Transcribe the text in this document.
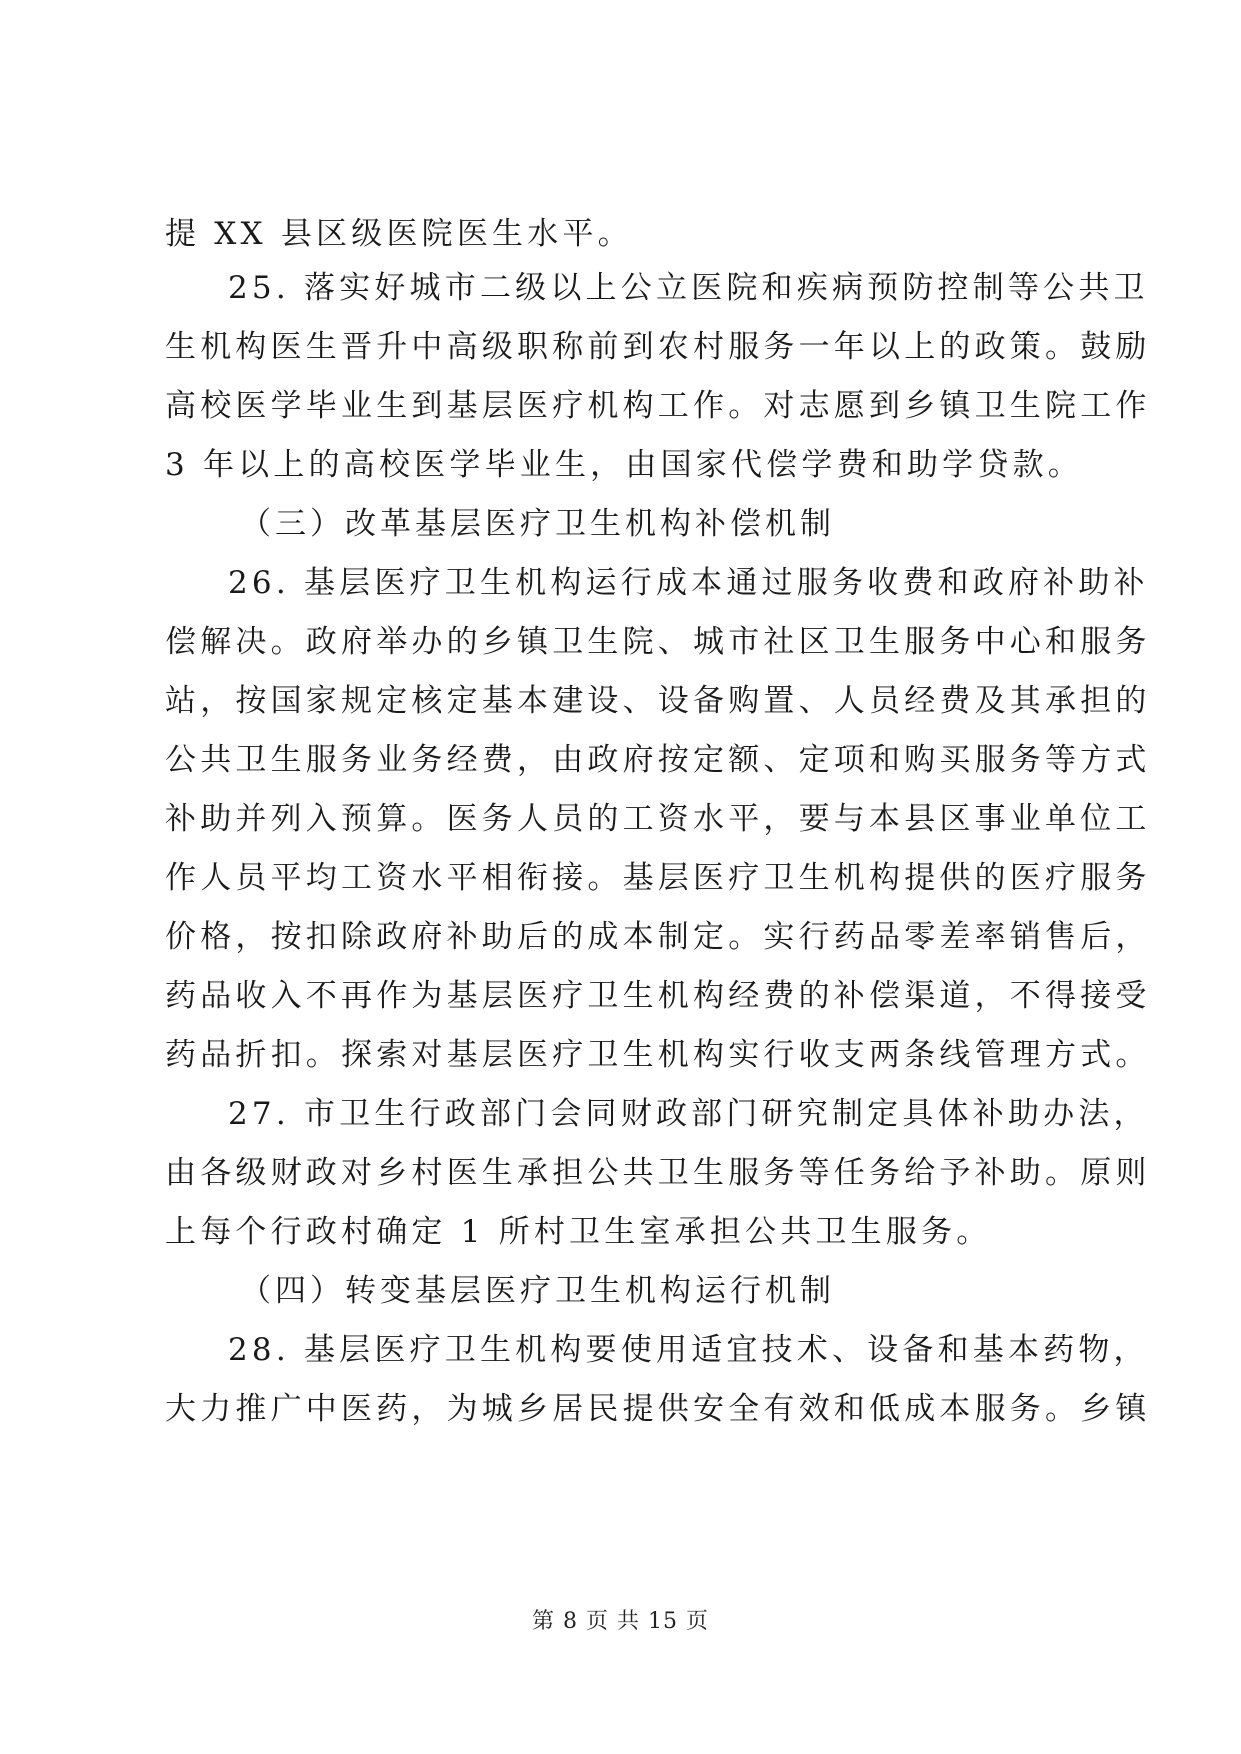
提 XX 县区级医院医生水平。
25. 落实好城市二级以上公立医院和疾病预防控制等公共卫
生机构医生晋升中高级职称前到农村服务一年以上的政策。鼓励
高校医学毕业生到基层医疗机构工作。对志愿到乡镇卫生院工作
3 年以上的高校医学毕业生，由国家代偿学费和助学贷款。
（三）改革基层医疗卫生机构补偿机制
26. 基层医疗卫生机构运行成本通过服务收费和政府补助补
偿解决。政府举办的乡镇卫生院、城市社区卫生服务中心和服务
站，按国家规定核定基本建设、设备购置、人员经费及其承担的
公共卫生服务业务经费，由政府按定额、定项和购买服务等方式
补助并列入预算。医务人员的工资水平，要与本县区事业单位工
作人员平均工资水平相衔接。基层医疗卫生机构提供的医疗服务
价格，按扣除政府补助后的成本制定。实行药品零差率销售后，
药品收入不再作为基层医疗卫生机构经费的补偿渠道，不得接受
药品折扣。探索对基层医疗卫生机构实行收支两条线管理方式。
27. 市卫生行政部门会同财政部门研究制定具体补助办法，
由各级财政对乡村医生承担公共卫生服务等任务给予补助。原则
上每个行政村确定 1 所村卫生室承担公共卫生服务。
（四）转变基层医疗卫生机构运行机制
28. 基层医疗卫生机构要使用适宜技术、设备和基本药物，
大力推广中医药，为城乡居民提供安全有效和低成本服务。乡镇
第 8 页 共 15 页
